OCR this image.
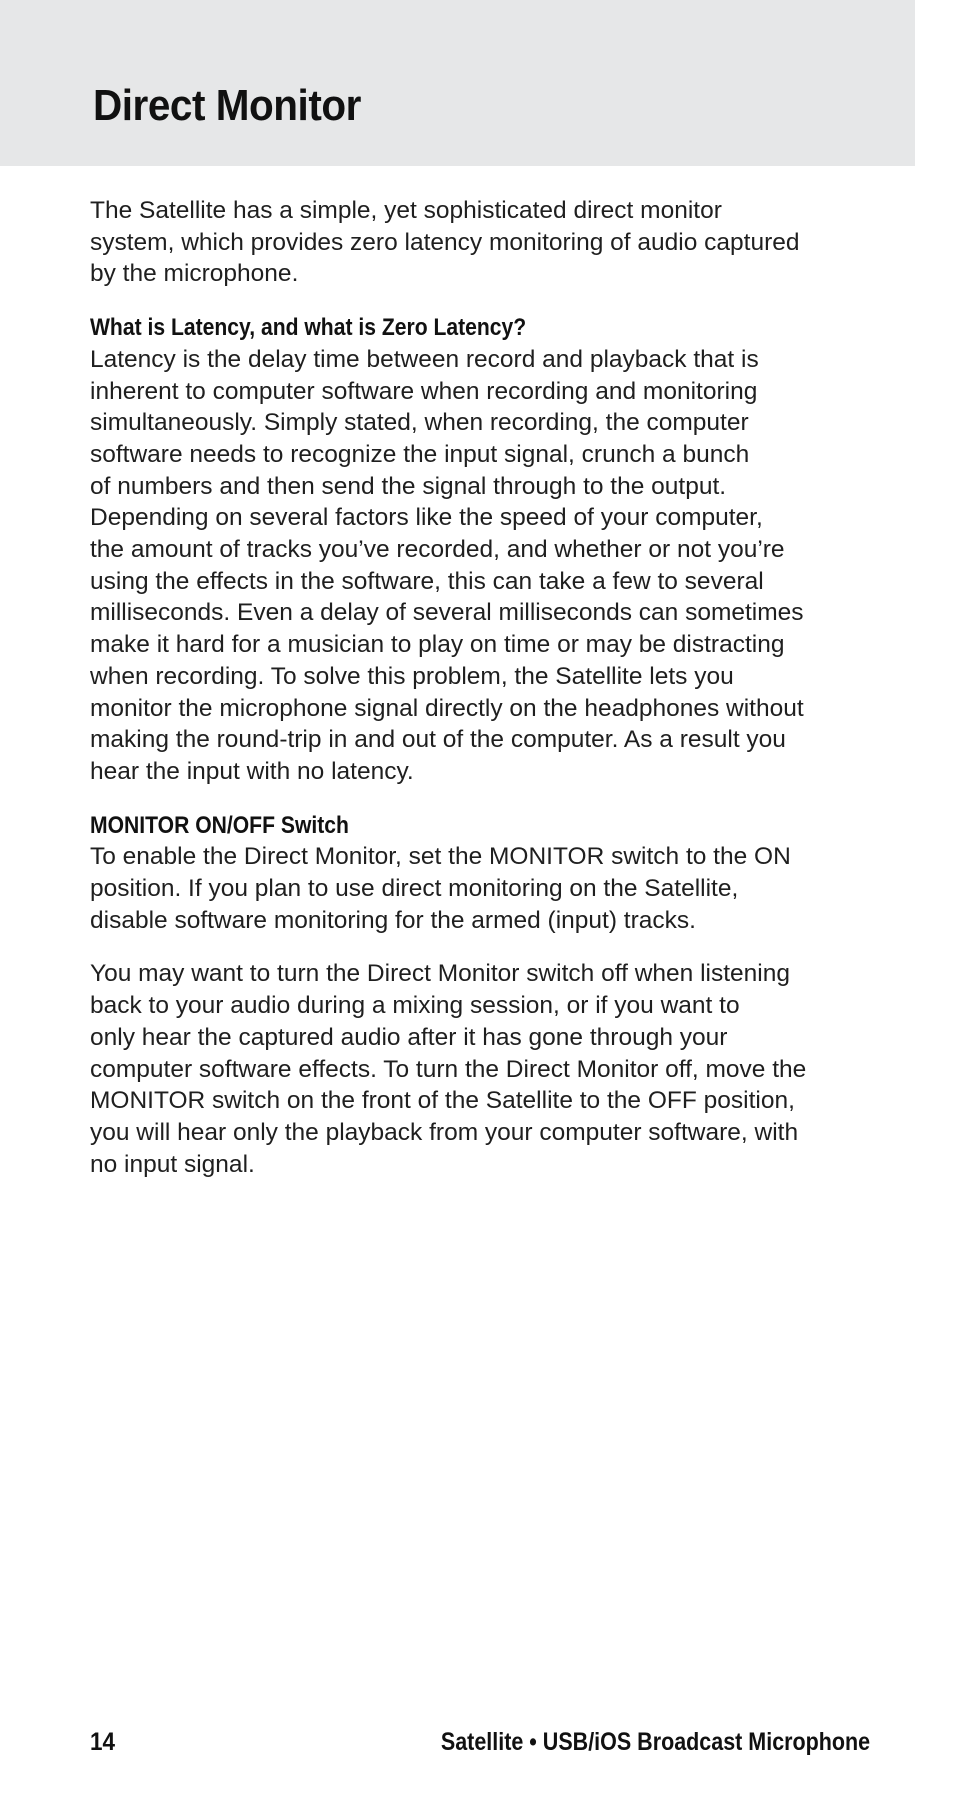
Direct Monitor

The Satellite has a simple, yet sophisticated direct monitor
system, which provides zero latency monitoring of audio captured
by the microphone.

What is Latency, and what is Zero Latency?

Latency is the delay time between record and playback that is
inherent to computer software when recording and monitoring
simultaneously. Simply stated, when recording, the computer
software needs to recognize the input signal, crunch a bunch
of numbers and then send the signal through to the output.
Depending on several factors like the speed of your computer,
the amount of tracks you’ve recorded, and whether or not you’re
using the effects in the software, this can take a few to several
milliseconds. Even a delay of several milliseconds can sometimes
make it hard for a musician to play on time or may be distracting
when recording. To solve this problem, the Satellite lets you
monitor the microphone signal directly on the headphones without
making the round-trip in and out of the computer. As a result you
hear the input with no latency.

MONITOR ON/OFF Switch

To enable the Direct Monitor, set the MONITOR switch to the ON
position. If you plan to use direct monitoring on the Satellite,
disable software monitoring for the armed (input) tracks.

You may want to turn the Direct Monitor switch off when listening
back to your audio during a mixing session, or if you want to
only hear the captured audio after it has gone through your
computer software effects. To turn the Direct Monitor off, move the
MONITOR switch on the front of the Satellite to the OFF position,
you will hear only the playback from your computer software, with
no input signal.

14	Satellite • USB/iOS Broadcast Microphone
